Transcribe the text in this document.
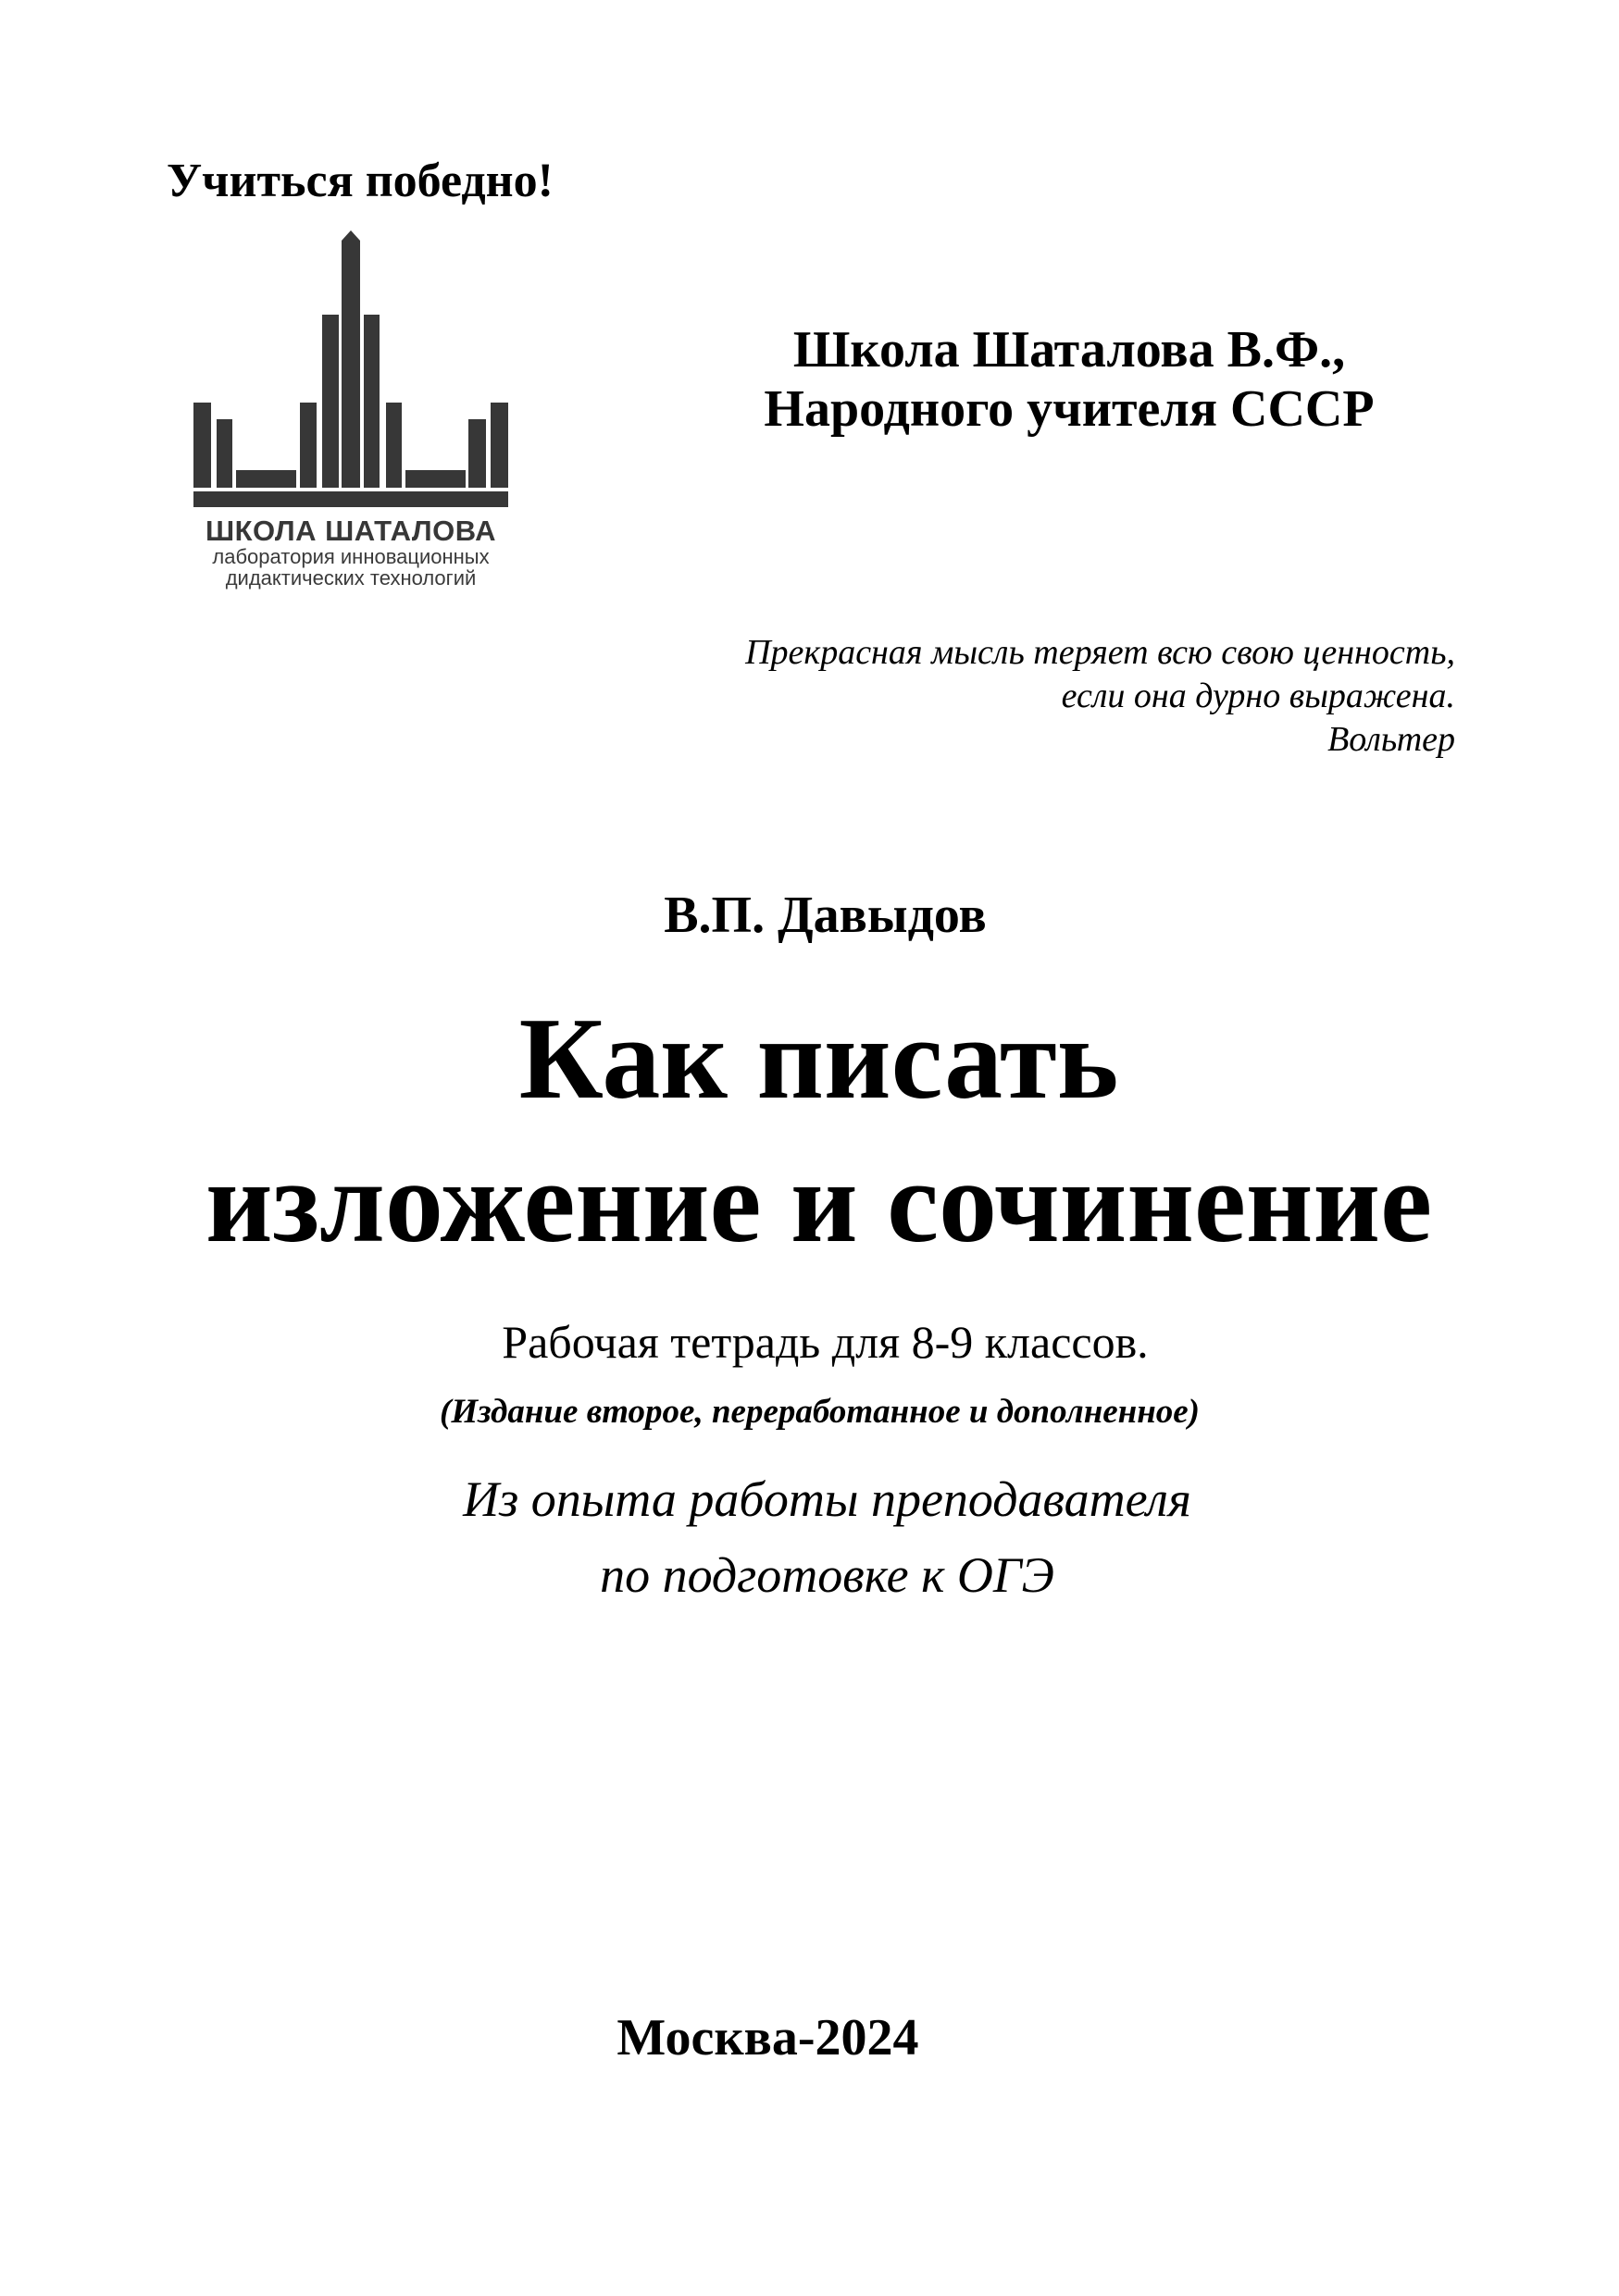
Учиться победно!
ШКОЛА ШАТАЛОВА
лаборатория инновационных
дидактических технологий
Школа Шаталова В.Ф.,
Народного учителя СССР
Прекрасная мысль теряет всю свою ценность,
если она дурно выражена.
Вольтер
В.П. Давыдов
Как писать
изложение и сочинение
Рабочая тетрадь для 8-9 классов.
(Издание второе, переработанное и дополненное)
Из опыта работы преподавателя
по подготовке к ОГЭ
Москва-2024
